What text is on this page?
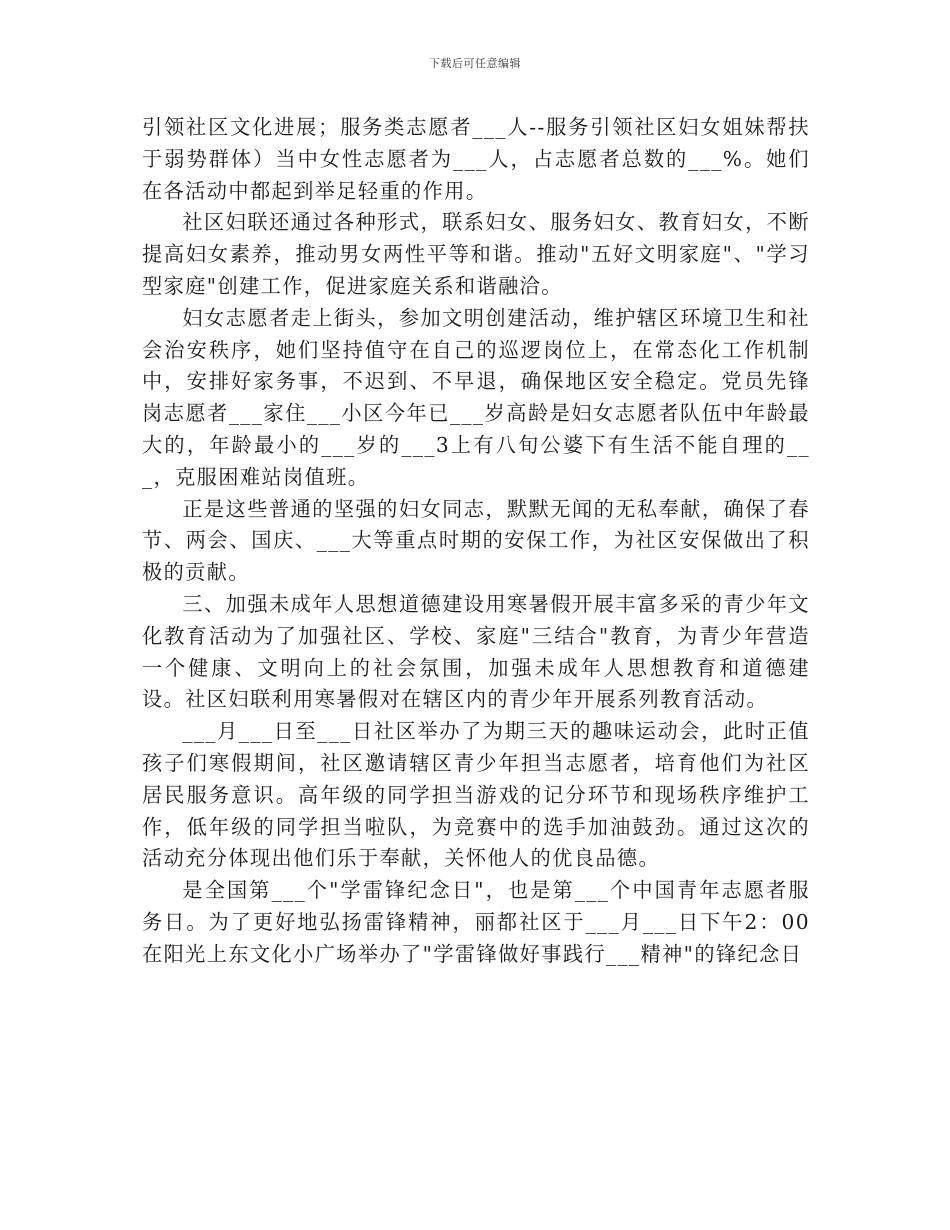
下载后可任意编辑

引领社区文化进展；服务类志愿者___人--服务引领社区妇女姐妹帮扶于弱势群体）当中女性志愿者为___人，占志愿者总数的___%。她们在各活动中都起到举足轻重的作用。

社区妇联还通过各种形式，联系妇女、服务妇女、教育妇女，不断提高妇女素养，推动男女两性平等和谐。推动"五好文明家庭"、"学习型家庭"创建工作，促进家庭关系和谐融洽。

妇女志愿者走上街头，参加文明创建活动，维护辖区环境卫生和社会治安秩序，她们坚持值守在自己的巡逻岗位上，在常态化工作机制中，安排好家务事，不迟到、不早退，确保地区安全稳定。党员先锋岗志愿者___家住___小区今年已___岁高龄是妇女志愿者队伍中年龄最大的，年龄最小的___岁的___3上有八旬公婆下有生活不能自理的___，克服困难站岗值班。

正是这些普通的坚强的妇女同志，默默无闻的无私奉献，确保了春节、两会、国庆、___大等重点时期的安保工作，为社区安保做出了积极的贡献。

三、加强未成年人思想道德建设用寒暑假开展丰富多采的青少年文化教育活动为了加强社区、学校、家庭"三结合"教育，为青少年营造一个健康、文明向上的社会氛围，加强未成年人思想教育和道德建设。社区妇联利用寒暑假对在辖区内的青少年开展系列教育活动。

___月___日至___日社区举办了为期三天的趣味运动会，此时正值孩子们寒假期间，社区邀请辖区青少年担当志愿者，培育他们为社区居民服务意识。高年级的同学担当游戏的记分环节和现场秩序维护工作，低年级的同学担当啦队，为竞赛中的选手加油鼓劲。通过这次的活动充分体现出他们乐于奉献，关怀他人的优良品德。

是全国第___个"学雷锋纪念日"，也是第___个中国青年志愿者服务日。为了更好地弘扬雷锋精神，丽都社区于___月___日下午2：00在阳光上东文化小广场举办了"学雷锋做好事践行___精神"的锋纪念日
